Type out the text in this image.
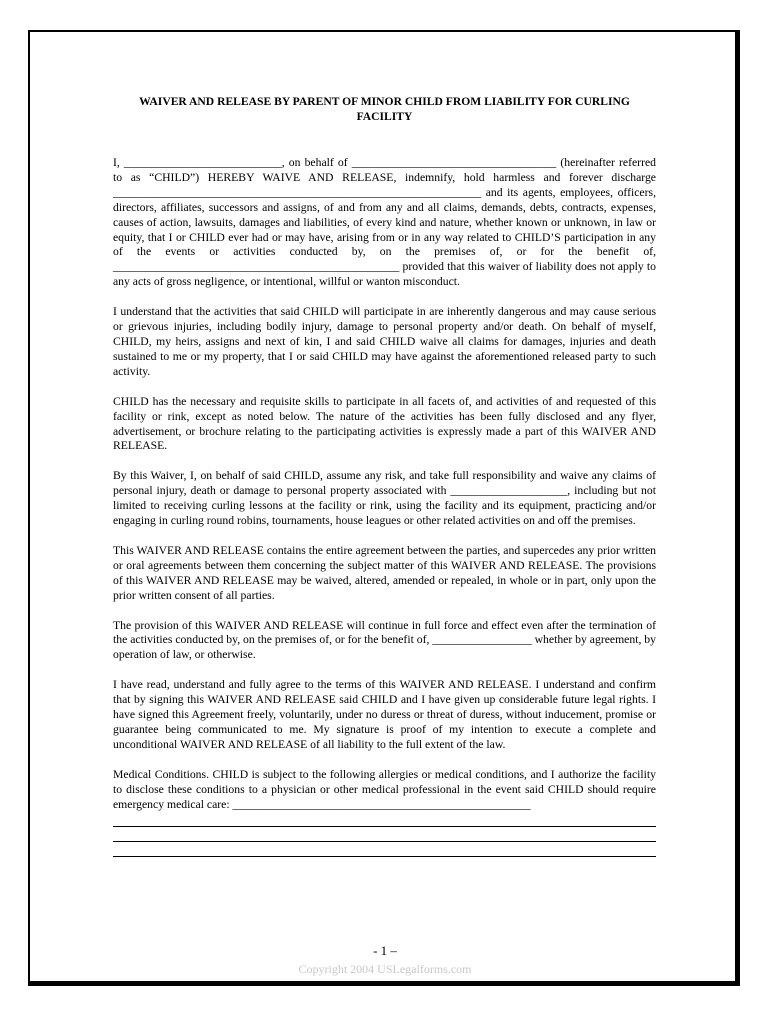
WAIVER AND RELEASE BY PARENT OF MINOR CHILD FROM LIABILITY FOR CURLING FACILITY

I, ___________________________, on behalf of ___________________________________ (hereinafter referred to as “CHILD”) HEREBY WAIVE AND RELEASE, indemnify, hold harmless and forever discharge _______________________________________________________________ and its agents, employees, officers, directors, affiliates, successors and assigns, of and from any and all claims, demands, debts, contracts, expenses, causes of action, lawsuits, damages and liabilities, of every kind and nature, whether known or unknown, in law or equity, that I or CHILD ever had or may have, arising from or in any way related to CHILD’S participation in any of the events or activities conducted by, on the premises of, or for the benefit of, _________________________________________________ provided that this waiver of liability does not apply to any acts of gross negligence, or intentional, willful or wanton misconduct.

I understand that the activities that said CHILD will participate in are inherently dangerous and may cause serious or grievous injuries, including bodily injury, damage to personal property and/or death. On behalf of myself, CHILD, my heirs, assigns and next of kin, I and said CHILD waive all claims for damages, injuries and death sustained to me or my property, that I or said CHILD may have against the aforementioned released party to such activity.

CHILD has the necessary and requisite skills to participate in all facets of, and activities of and requested of this facility or rink, except as noted below. The nature of the activities has been fully disclosed and any flyer, advertisement, or brochure relating to the participating activities is expressly made a part of this WAIVER AND RELEASE.

By this Waiver, I, on behalf of said CHILD, assume any risk, and take full responsibility and waive any claims of personal injury, death or damage to personal property associated with ____________________, including but not limited to receiving curling lessons at the facility or rink, using the facility and its equipment, practicing and/or engaging in curling round robins, tournaments, house leagues or other related activities on and off the premises.

This WAIVER AND RELEASE contains the entire agreement between the parties, and supercedes any prior written or oral agreements between them concerning the subject matter of this WAIVER AND RELEASE. The provisions of this WAIVER AND RELEASE may be waived, altered, amended or repealed, in whole or in part, only upon the prior written consent of all parties.

The provision of this WAIVER AND RELEASE will continue in full force and effect even after the termination of the activities conducted by, on the premises of, or for the benefit of, _________________ whether by agreement, by operation of law, or otherwise.

I have read, understand and fully agree to the terms of this WAIVER AND RELEASE. I understand and confirm that by signing this WAIVER AND RELEASE said CHILD and I have given up considerable future legal rights. I have signed this Agreement freely, voluntarily, under no duress or threat of duress, without inducement, promise or guarantee being communicated to me. My signature is proof of my intention to execute a complete and unconditional WAIVER AND RELEASE of all liability to the full extent of the law.

Medical Conditions. CHILD is subject to the following allergies or medical conditions, and I authorize the facility to disclose these conditions to a physician or other medical professional in the event said CHILD should require emergency medical care: ___________________________________________________

- 1 –
Copyright 2004 USLegalforms.com
